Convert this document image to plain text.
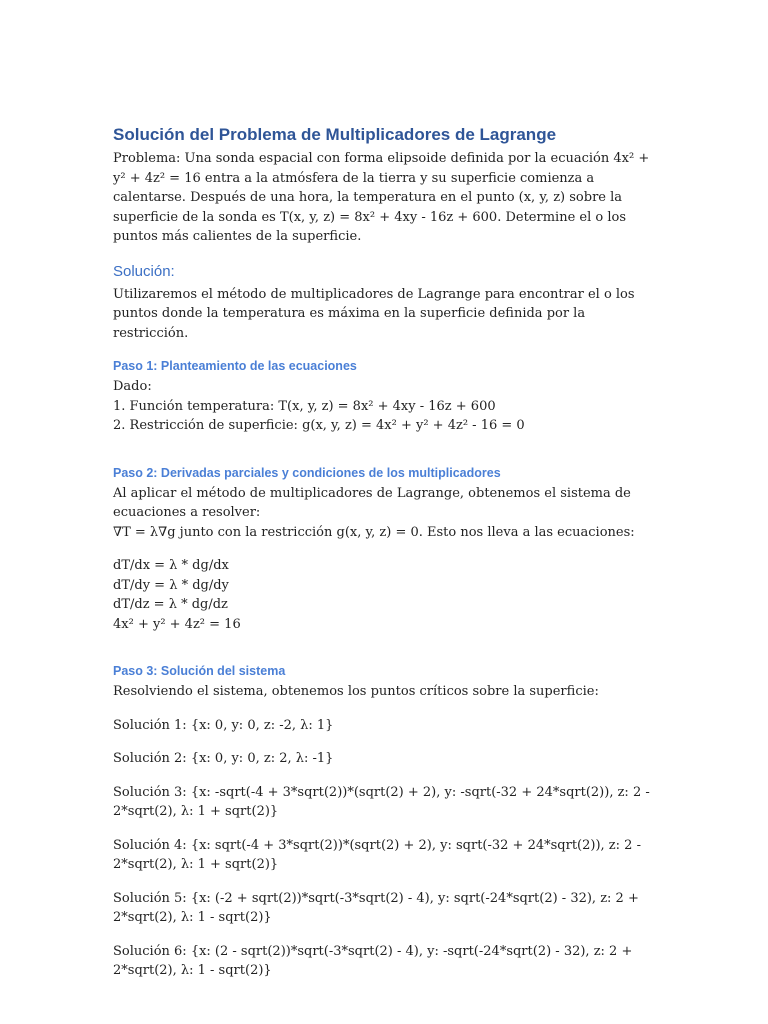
Solución del Problema de Multiplicadores de Lagrange

Problema: Una sonda espacial con forma elipsoide definida por la ecuación 4x² + y² + 4z² = 16 entra a la atmósfera de la tierra y su superficie comienza a calentarse. Después de una hora, la temperatura en el punto (x, y, z) sobre la superficie de la sonda es T(x, y, z) = 8x² + 4xy - 16z + 600. Determine el o los puntos más calientes de la superficie.

Solución:

Utilizaremos el método de multiplicadores de Lagrange para encontrar el o los puntos donde la temperatura es máxima en la superficie definida por la restricción.

Paso 1: Planteamiento de las ecuaciones

Dado:

1. Función temperatura: T(x, y, z) = 8x² + 4xy - 16z + 600

2. Restricción de superficie: g(x, y, z) = 4x² + y² + 4z² - 16 = 0

Paso 2: Derivadas parciales y condiciones de los multiplicadores

Al aplicar el método de multiplicadores de Lagrange, obtenemos el sistema de ecuaciones a resolver:

∇T = λ∇g junto con la restricción g(x, y, z) = 0. Esto nos lleva a las ecuaciones:

dT/dx = λ * dg/dx

dT/dy = λ * dg/dy

dT/dz = λ * dg/dz

4x² + y² + 4z² = 16

Paso 3: Solución del sistema

Resolviendo el sistema, obtenemos los puntos críticos sobre la superficie:

Solución 1: {x: 0, y: 0, z: -2, λ: 1}

Solución 2: {x: 0, y: 0, z: 2, λ: -1}

Solución 3: {x: -sqrt(-4 + 3*sqrt(2))*(sqrt(2) + 2), y: -sqrt(-32 + 24*sqrt(2)), z: 2 - 2*sqrt(2), λ: 1 + sqrt(2)}

Solución 4: {x: sqrt(-4 + 3*sqrt(2))*(sqrt(2) + 2), y: sqrt(-32 + 24*sqrt(2)), z: 2 - 2*sqrt(2), λ: 1 + sqrt(2)}

Solución 5: {x: (-2 + sqrt(2))*sqrt(-3*sqrt(2) - 4), y: sqrt(-24*sqrt(2) - 32), z: 2 + 2*sqrt(2), λ: 1 - sqrt(2)}

Solución 6: {x: (2 - sqrt(2))*sqrt(-3*sqrt(2) - 4), y: -sqrt(-24*sqrt(2) - 32), z: 2 + 2*sqrt(2), λ: 1 - sqrt(2)}
